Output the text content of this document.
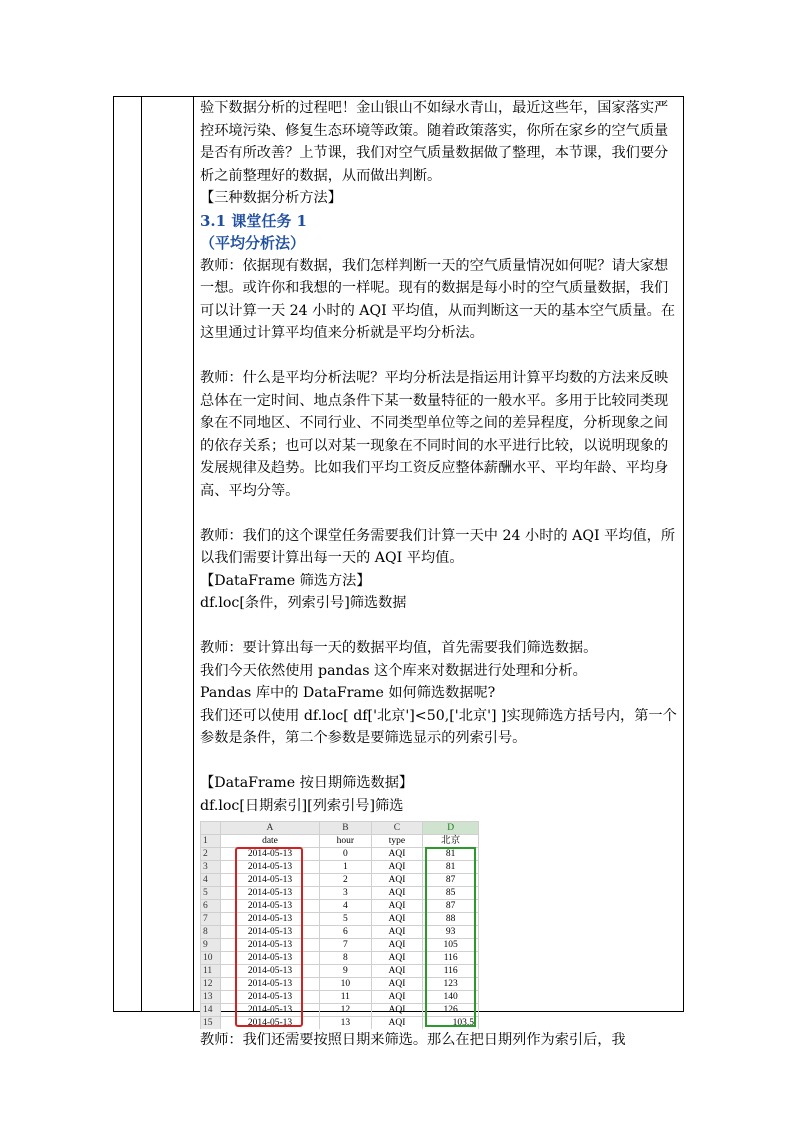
验下数据分析的过程吧！金山银山不如绿水青山，最近这些年，国家落实严控环境污染、修复生态环境等政策。随着政策落实，你所在家乡的空气质量是否有所改善？上节课，我们对空气质量数据做了整理，本节课，我们要分析之前整理好的数据，从而做出判断。

【三种数据分析方法】

3.1 课堂任务 1

（平均分析法）

教师：依据现有数据，我们怎样判断一天的空气质量情况如何呢？请大家想一想。或许你和我想的一样呢。现有的数据是每小时的空气质量数据，我们可以计算一天 24 小时的 AQI 平均值，从而判断这一天的基本空气质量。在这里通过计算平均值来分析就是平均分析法。

教师：什么是平均分析法呢？平均分析法是指运用计算平均数的方法来反映总体在一定时间、地点条件下某一数量特征的一般水平。多用于比较同类现象在不同地区、不同行业、不同类型单位等之间的差异程度，分析现象之间的依存关系；也可以对某一现象在不同时间的水平进行比较，以说明现象的发展规律及趋势。比如我们平均工资反应整体薪酬水平、平均年龄、平均身高、平均分等。

教师：我们的这个课堂任务需要我们计算一天中 24 小时的 AQI 平均值，所以我们需要计算出每一天的 AQI 平均值。

【DataFrame 筛选方法】

df.loc[条件，列索引号]筛选数据

教师：要计算出每一天的数据平均值，首先需要我们筛选数据。

我们今天依然使用 pandas 这个库来对数据进行处理和分析。

Pandas 库中的 DataFrame 如何筛选数据呢?

我们还可以使用 df.loc[ df['北京']<50,['北京'] ]实现筛选方括号内，第一个参数是条件，第二个参数是要筛选显示的列索引号。

【DataFrame 按日期筛选数据】

df.loc[日期索引][列索引号]筛选

	A	B	C	D
1	date	hour	type	北京
2	2014-05-13	0	AQI	81
3	2014-05-13	1	AQI	81
4	2014-05-13	2	AQI	87
5	2014-05-13	3	AQI	85
6	2014-05-13	4	AQI	87
7	2014-05-13	5	AQI	88
8	2014-05-13	6	AQI	93
9	2014-05-13	7	AQI	105
10	2014-05-13	8	AQI	116
11	2014-05-13	9	AQI	116
12	2014-05-13	10	AQI	123
13	2014-05-13	11	AQI	140
14	2014-05-13	12	AQI	126
15	2014-05-13	13	AQI	103.5

教师：我们还需要按照日期来筛选。那么在把日期列作为索引后，我
